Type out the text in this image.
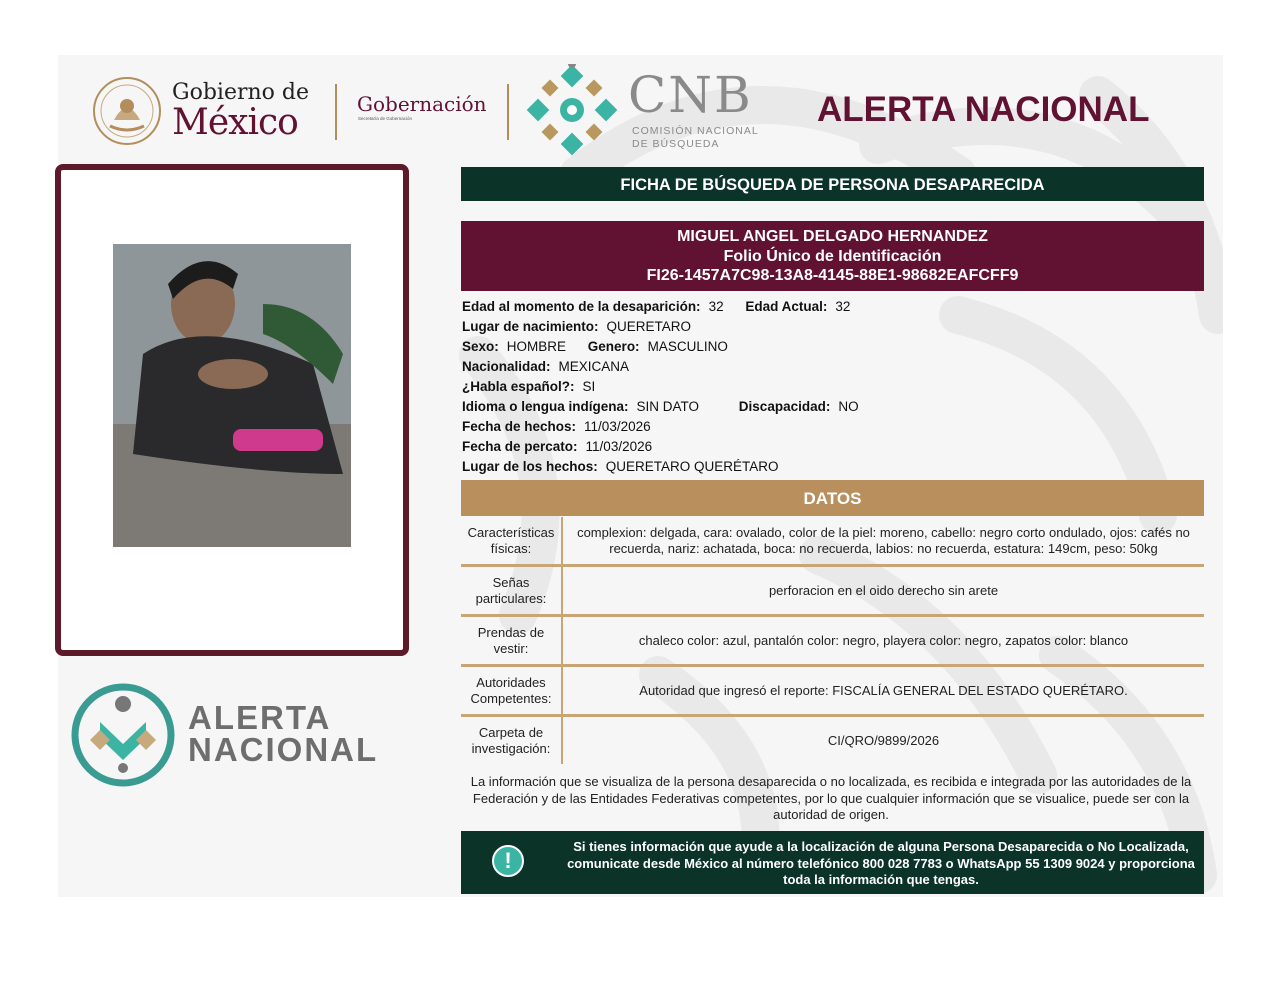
Gobierno de
México	Gobernación
Secretaría de Gobernación	CNB
COMISIÓN NACIONAL
DE BÚSQUEDA
ALERTA NACIONAL
ALERTA
NACIONAL
FICHA DE BÚSQUEDA DE PERSONA DESAPARECIDA
MIGUEL ANGEL DELGADO HERNANDEZ
Folio Único de Identificación
FI26-1457A7C98-13A8-4145-88E1-98682EAFCFF9
Edad al momento de la desaparición: 32 Edad Actual: 32
Lugar de nacimiento: QUERETARO
Sexo: HOMBRE Genero: MASCULINO
Nacionalidad: MEXICANA
¿Habla español?: SI
Idioma o lengua indígena: SIN DATO	Discapacidad: NO
Fecha de hechos: 11/03/2026
Fecha de percato: 11/03/2026
Lugar de los hechos: QUERETARO QUERÉTARO
DATOS
Características físicas:
complexion: delgada, cara: ovalado, color de la piel: moreno, cabello: negro corto ondulado, ojos: cafés no recuerda, nariz: achatada, boca: no recuerda, labios: no recuerda, estatura: 149cm, peso: 50kg
Señas particulares:
perforacion en el oido derecho sin arete
Prendas de vestir:
chaleco color: azul, pantalón color: negro, playera color: negro, zapatos color: blanco
Autoridades Competentes:
Autoridad que ingresó el reporte: FISCALÍA GENERAL DEL ESTADO QUERÉTARO.
Carpeta de investigación:
CI/QRO/9899/2026
La información que se visualiza de la persona desaparecida o no localizada, es recibida e integrada por las autoridades de la Federación y de las Entidades Federativas competentes, por lo que cualquier información que se visualice, puede ser con la autoridad de origen.
!
Si tienes información que ayude a la localización de alguna Persona Desaparecida o No Localizada, comunicate desde México al número telefónico 800 028 7783 o WhatsApp 55 1309 9024 y proporciona toda la información que tengas.
